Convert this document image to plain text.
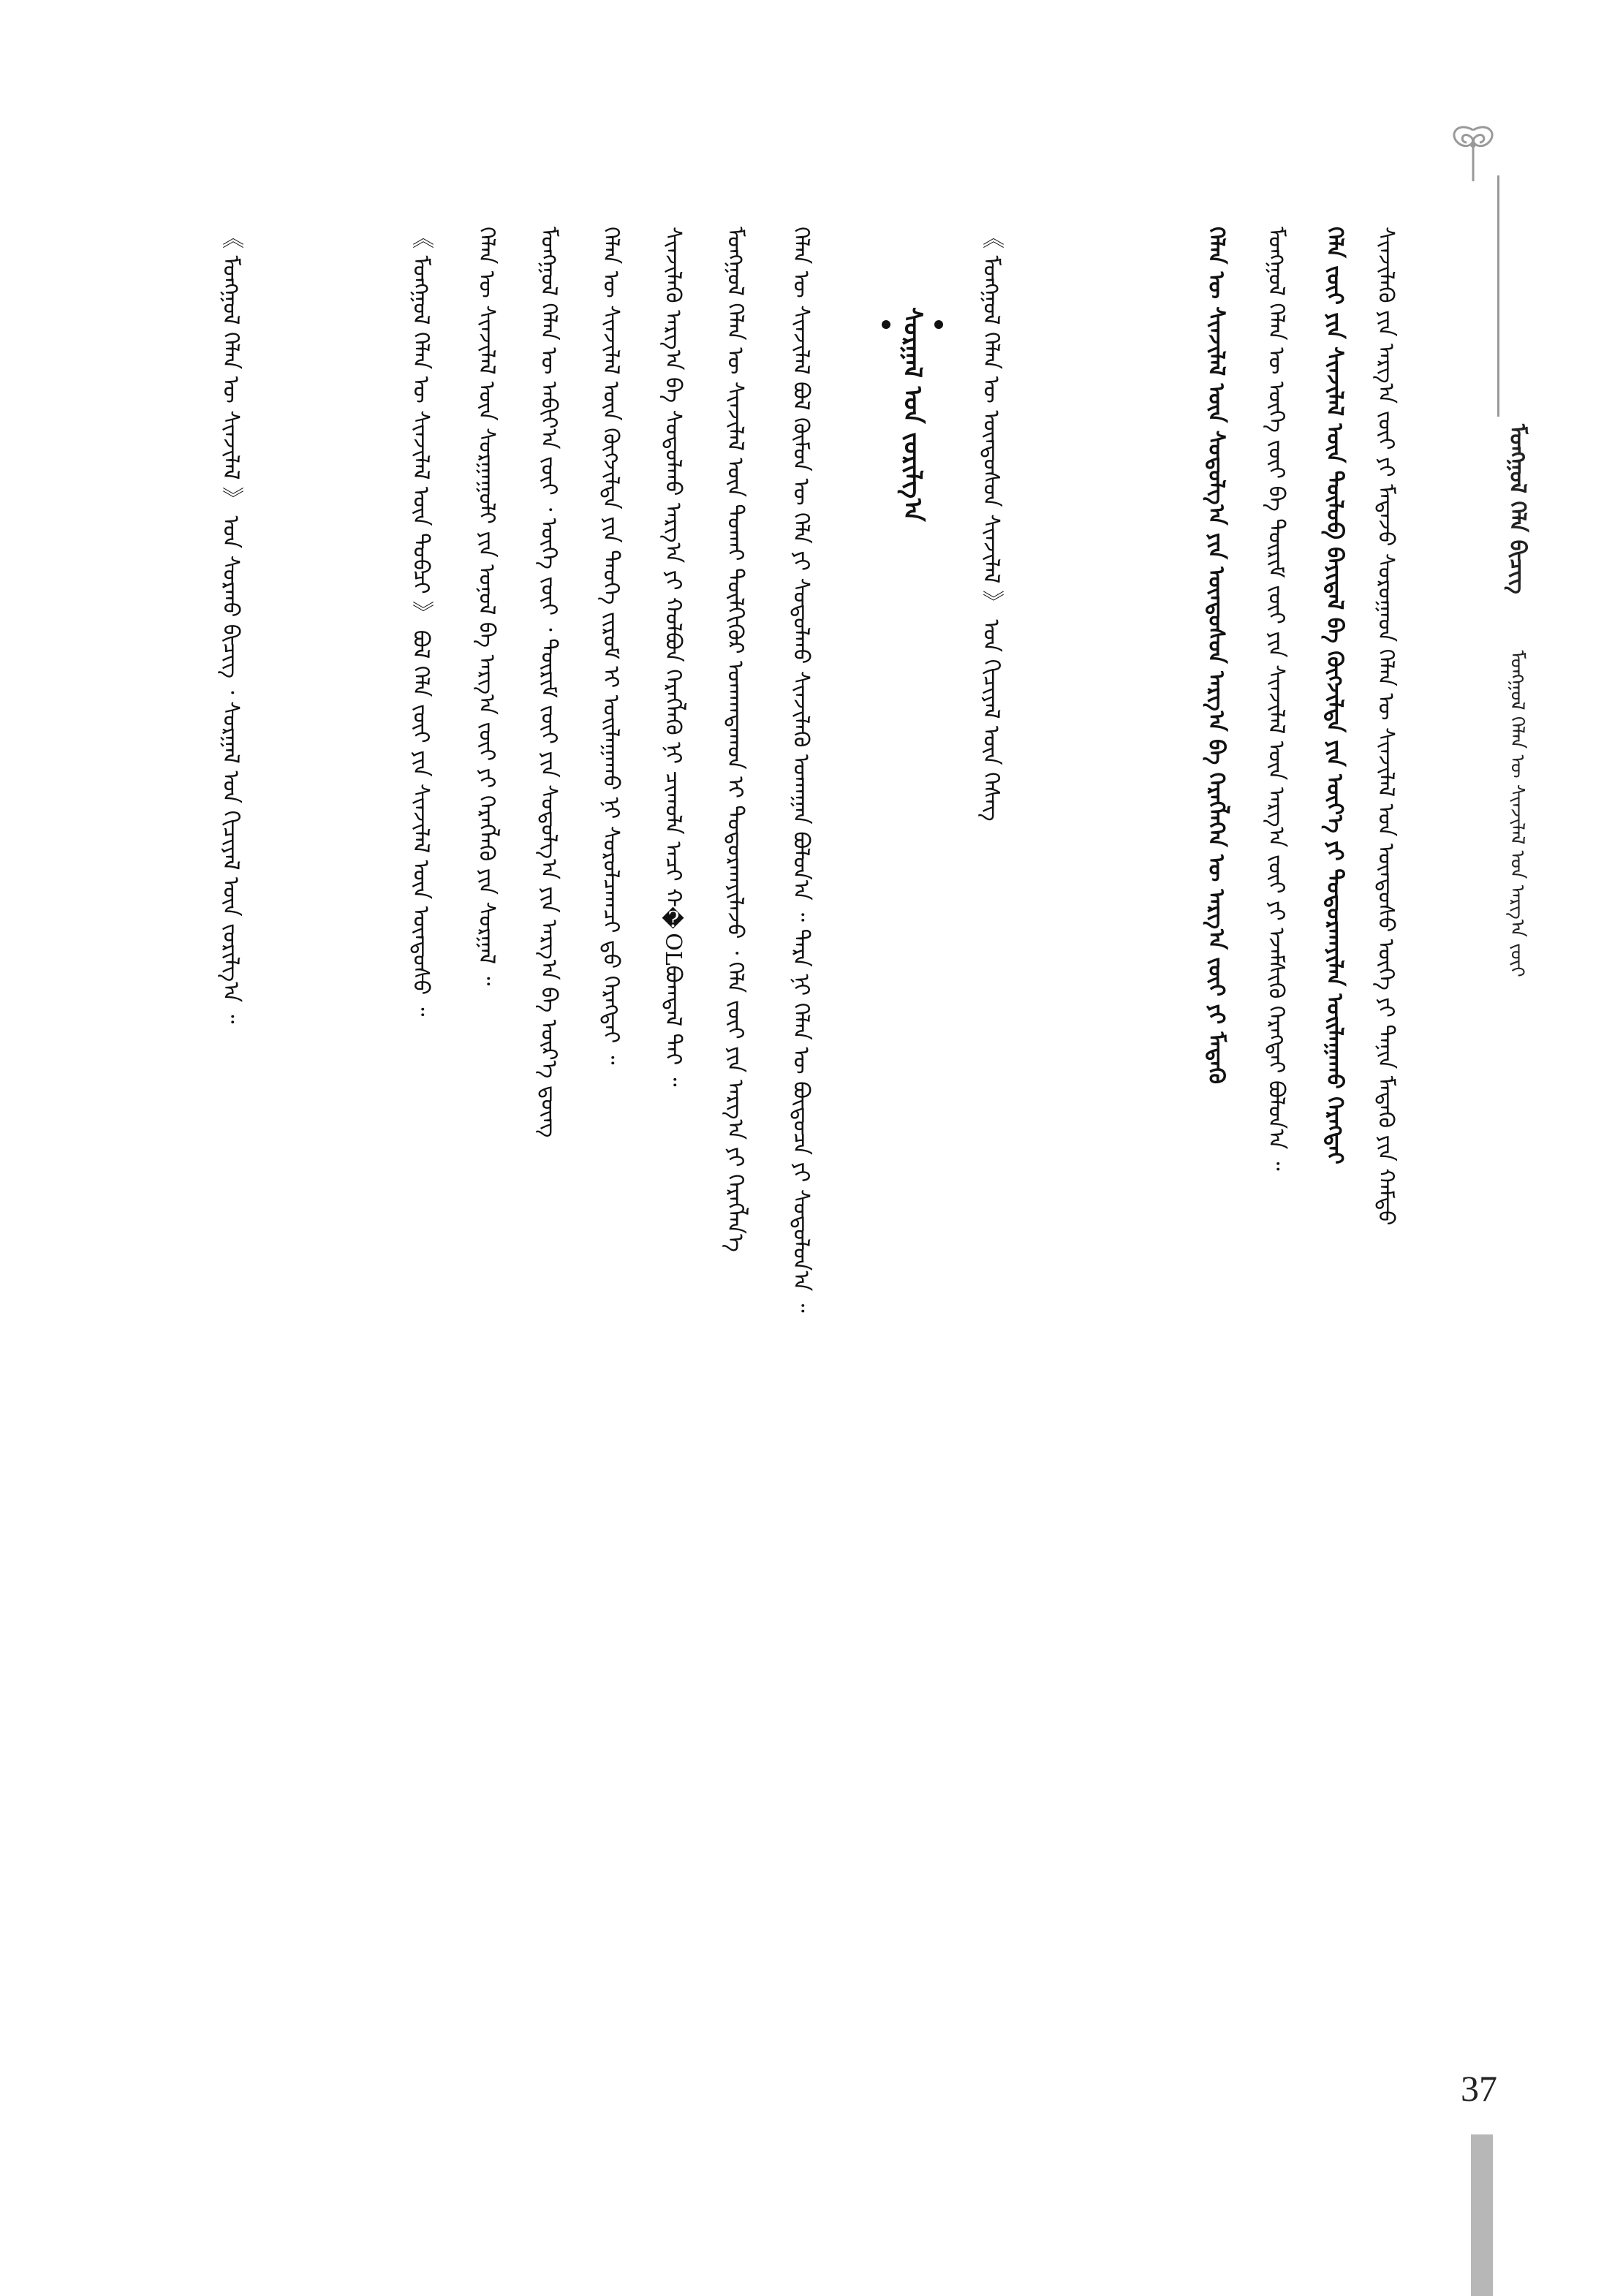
ᠮᠣᠩᠭᠣᠯ ᠬᠡᠯᠡ ᠪᠢᠴᠢᠭ  ᠮᠣᠩᠭᠣᠯ ᠬᠡᠯᠡᠨ ᠦ ᠰᠢᠨᠵᠢᠯᠡᠯ ᠤᠨ ᠠᠷᠭ᠎ᠠ ᠵᠦᠢ
ᠰᠢᠨᠵᠢᠯᠡᠬᠦ ᠶᠢᠨ ᠠᠷᠭ᠎ᠠ ᠵᠦᠢ ᠶᠢ ᠮᠡᠳᠡᠵᠦ ᠰᠤᠷᠤᠭᠠᠳ ᠬᠡᠯᠡᠨ ᠦ ᠰᠢᠨᠵᠢᠯᠡᠯ ᠤᠨ ᠦᠨᠳᠦᠰᠦ ᠦᠭᠡ ᠶᠢ ᠲᠠᠨᠢᠨ ᠮᠡᠳᠡᠬᠦ ᠶᠢᠨ ᠬᠠᠮᠲᠤ
ᠬᠡᠯᠡ ᠵᠦᠢ ᠶᠢᠨ ᠰᠢᠨᠵᠢᠯᠡᠯ ᠦᠨ ᠲᠥᠯᠦᠪ ᠪᠠᠶᠢᠳᠠᠯ ᠪᠠ ᠬᠥᠭᠵᠢᠯᠲᠡ ᠶᠢᠨ ᠦᠶ᠎ᠡ ᠶᠢ ᠲᠣᠳᠤᠷᠬᠠᠶᠢᠯᠠᠨ ᠣᠢᠯᠠᠭᠠᠬᠤ ᠬᠡᠷᠡᠭᠲᠡᠢ
ᠮᠣᠩᠭᠣᠯ ᠬᠡᠯᠡᠨ ᠦ ᠦᠭᠡ ᠵᠦᠢ ᠪᠠ ᠳᠦᠷᠢᠮ ᠵᠦᠢ ᠶᠢᠨ ᠰᠢᠨᠵᠢᠯᠡᠯ ᠦᠨ ᠠᠷᠭ᠎ᠠ ᠵᠦᠢ ᠶᠢ ᠡᠵᠡᠮᠰᠢᠬᠦ ᠬᠡᠷᠡᠭᠲᠡᠢ ᠪᠣᠯᠤᠨ᠎ᠠ ᠃
ᠬᠡᠯᠡᠨ ᠦ ᠰᠢᠨᠵᠢᠯᠡᠯ ᠦᠨ ᠰᠤᠳᠤᠯᠭ᠎ᠠ ᠶᠢᠨ ᠦᠨᠳᠦᠰᠦᠨ ᠠᠷᠭ᠎ᠠ ᠪᠠ ᠬᠡᠷᠡᠭᠯᠡᠭᠡᠨ ᠦ ᠠᠷᠭ᠎ᠠ ᠵᠦᠢ ᠶᠢ ᠮᠡᠳᠡᠬᠦ
《 ᠮᠣᠩᠭᠣᠯ ᠬᠡᠯᠡᠨ ᠦ ᠦᠨᠳᠦᠰᠦᠨ ᠰᠢᠨᠵᠢᠯᠡᠯ 》 ᠤᠨ ᠬᠢᠴᠢᠶᠡᠯ ᠦᠨ ᠬᠡᠰᠡᠭ
ᠰᠤᠷᠭᠠᠯ ᠤᠨ ᠵᠣᠷᠢᠯᠭ᠎ᠠ
ᠬᠡᠯᠡᠨ ᠦ ᠰᠢᠨᠵᠢᠯᠡᠯ ᠪᠣᠯ ᠬᠦᠮᠦᠨ ᠦ ᠬᠡᠯᠡ ᠶᠢ ᠰᠤᠳᠤᠯᠬᠤ ᠰᠢᠨᠵᠢᠯᠡᠬᠦ ᠤᠬᠠᠭᠠᠨ ᠪᠣᠯᠤᠨ᠎ᠠ ᠃ ᠲᠡᠷᠡ ᠨᠢ ᠬᠡᠯᠡᠨ ᠦ ᠪᠦᠲᠦᠴᠡ ᠶᠢ ᠰᠤᠳᠤᠯᠤᠨ᠎ᠠ ᠃
ᠮᠣᠩᠭᠣᠯ ᠬᠡᠯᠡᠨ ᠦ ᠰᠢᠨᠵᠢᠯᠡᠯ ᠦᠨ ᠲᠤᠬᠠᠶ ᠲᠦᠯᠬᠢᠭᠦᠷ ᠤᠬᠠᠭᠳᠠᠬᠤᠨ ᠢ ᠲᠣᠳᠤᠷᠬᠠᠶᠢᠯᠠᠵᠤ ᠂ ᠬᠡᠯᠡ ᠵᠦᠢ ᠶᠢᠨ ᠠᠷᠭ᠎ᠠ ᠶᠢ ᠬᠡᠷᠡᠭᠯᠡᠨ᠎ᠡ
ᠰᠢᠨᠵᠢᠯᠡᠬᠦ ᠠᠷᠭ᠎ᠠ ᠪᠠ ᠰᠤᠳᠤᠯᠬᠤ ᠠᠷᠭ᠎ᠠ ᠶᠢ ᠬᠣᠯᠪᠣᠨ ᠬᠡᠷᠡᠭᠯᠡᠬᠦ ᠨᠢ ᠴᠢᠬᠤᠯᠠ ᠠᠴᠢ ᠬ�OLᠪᠣᠭᠳᠠᠯ ᠲᠠᠢ ᠃
ᠬᠡᠯᠡᠨ ᠦ ᠰᠢᠨᠵᠢᠯᠡᠯ ᠦᠨ ᠬᠥᠭᠵᠢᠯᠲᠡ ᠶᠢᠨ ᠲᠡᠦᠬᠡ ᠵᠢᠷᠤᠮ ᠢ ᠣᠢᠯᠠᠭᠠᠬᠤ ᠨᠢ ᠰᠤᠷᠤᠯᠴᠠᠭᠴᠢ ᠳ᠋ᠤ ᠬᠡᠷᠡᠭᠲᠡᠢ ᠃
ᠮᠣᠩᠭᠣᠯ ᠬᠡᠯᠡᠨ ᠦ ᠠᠪᠢᠶ᠎ᠠ ᠵᠦᠢ ᠂ ᠦᠭᠡ ᠵᠦᠢ ᠂ ᠳᠦᠷᠢᠮ ᠵᠦᠢ ᠶᠢᠨ ᠰᠤᠳᠤᠯᠭ᠎ᠠ ᠶᠢᠨ ᠠᠷᠭ᠎ᠠ ᠪᠠ ᠦᠷ᠎ᠡ ᠳ᠋ᠦᠩ
ᠬᠡᠯᠡᠨ ᠦ ᠰᠢᠨᠵᠢᠯᠡᠯ ᠦᠨ ᠰᠤᠷᠭᠠᠭᠤᠯᠢ ᠶᠢᠨ ᠣᠨᠣᠯ ᠪᠠ ᠠᠷᠭ᠎ᠠ ᠵᠦᠢ ᠶᠢ ᠬᠡᠷᠡᠭᠯᠡᠬᠦ ᠶᠢᠨ ᠰᠤᠷᠭᠠᠯ ᠃
《 ᠮᠣᠩᠭᠣᠯ ᠬᠡᠯᠡᠨ ᠦ ᠰᠢᠨᠵᠢᠯᠡᠯ ᠦᠨ ᠲᠣᠪᠴᠢ 》 ᠪᠣᠯ ᠬᠡᠯᠡ ᠵᠦᠢ ᠶᠢᠨ ᠰᠢᠨᠵᠢᠯᠡᠯ ᠦᠨ ᠦᠨᠳᠦᠰᠦ ᠃
《 ᠮᠣᠩᠭᠣᠯ ᠬᠡᠯᠡᠨ ᠦ ᠰᠢᠨᠵᠢᠯᠡᠯ 》 ᠤᠨ ᠰᠤᠷᠬᠤ ᠪᠢᠴᠢᠭ ᠂ ᠰᠤᠷᠭᠠᠯ ᠤᠨ ᠬᠢᠴᠢᠶᠡᠯ ᠦᠨ ᠵᠣᠷᠢᠯᠭ᠎ᠠ ᠃
37
